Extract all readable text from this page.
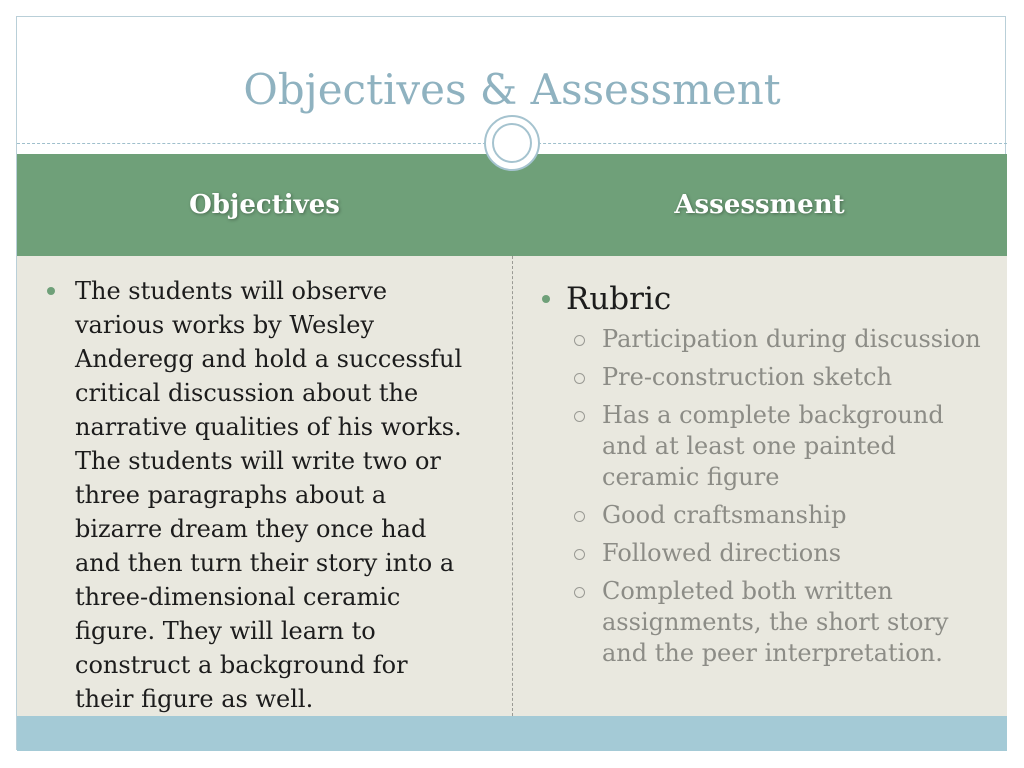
Objectives & Assessment
Objectives	Assessment
The students will observe
various works by Wesley
Anderegg and hold a successful
critical discussion about the
narrative qualities of his works.
The students will write two or
three paragraphs about a
bizarre dream they once had
and then turn their story into a
three-dimensional ceramic
figure. They will learn to
construct a background for
their figure as well.
Rubric
Participation during discussion
Pre-construction sketch
Has a complete background
and at least one painted
ceramic figure
Good craftsmanship
Followed directions
Completed both written
assignments, the short story
and the peer interpretation.
